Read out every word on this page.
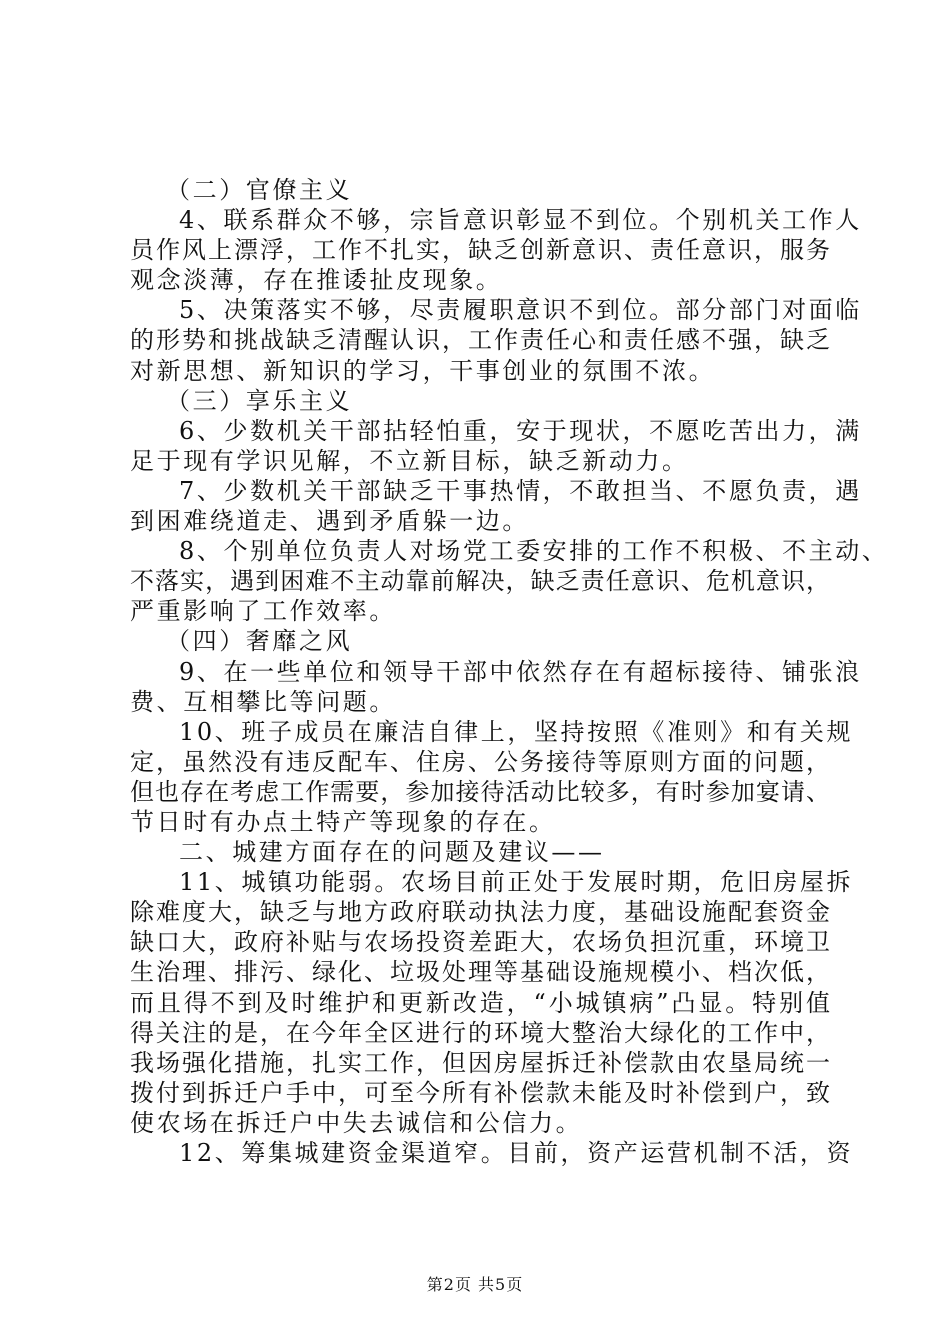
（二）官僚主义
4、联系群众不够，宗旨意识彰显不到位。个别机关工作人
员作风上漂浮，工作不扎实，缺乏创新意识、责任意识，服务
观念淡薄，存在推诿扯皮现象。
5、决策落实不够，尽责履职意识不到位。部分部门对面临
的形势和挑战缺乏清醒认识，工作责任心和责任感不强，缺乏
对新思想、新知识的学习，干事创业的氛围不浓。
（三）享乐主义
6、少数机关干部拈轻怕重，安于现状，不愿吃苦出力，满
足于现有学识见解，不立新目标，缺乏新动力。
7、少数机关干部缺乏干事热情，不敢担当、不愿负责，遇
到困难绕道走、遇到矛盾躲一边。
8、个别单位负责人对场党工委安排的工作不积极、不主动、
不落实，遇到困难不主动靠前解决，缺乏责任意识、危机意识，
严重影响了工作效率。
（四）奢靡之风
9、在一些单位和领导干部中依然存在有超标接待、铺张浪
费、互相攀比等问题。
10、班子成员在廉洁自律上，坚持按照《准则》和有关规
定，虽然没有违反配车、住房、公务接待等原则方面的问题，
但也存在考虑工作需要，参加接待活动比较多，有时参加宴请、
节日时有办点土特产等现象的存在。
二、城建方面存在的问题及建议——
11、城镇功能弱。农场目前正处于发展时期，危旧房屋拆
除难度大，缺乏与地方政府联动执法力度，基础设施配套资金
缺口大，政府补贴与农场投资差距大，农场负担沉重，环境卫
生治理、排污、绿化、垃圾处理等基础设施规模小、档次低，
而且得不到及时维护和更新改造，“小城镇病”凸显。特别值
得关注的是，在今年全区进行的环境大整治大绿化的工作中，
我场强化措施，扎实工作，但因房屋拆迁补偿款由农垦局统一
拨付到拆迁户手中，可至今所有补偿款未能及时补偿到户，致
使农场在拆迁户中失去诚信和公信力。
12、筹集城建资金渠道窄。目前，资产运营机制不活，资
第2页 共5页
